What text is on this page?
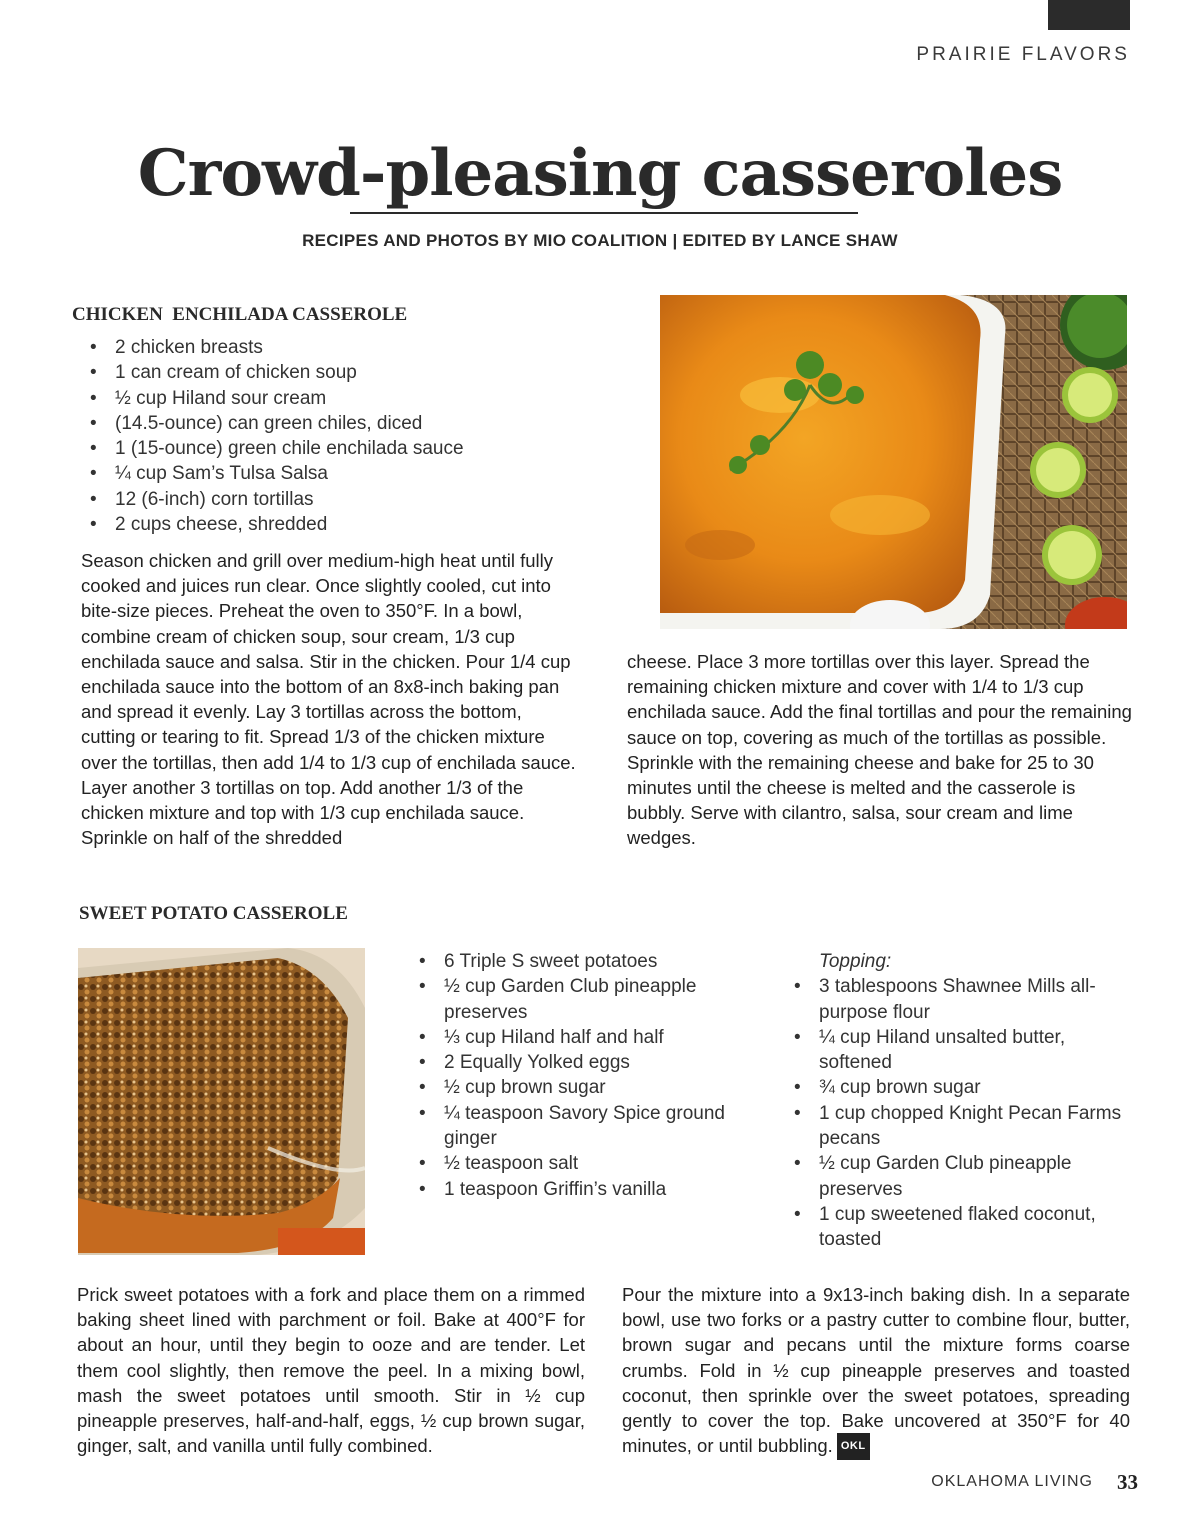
PRAIRIE FLAVORS
Crowd-pleasing casseroles
RECIPES AND PHOTOS BY MIO COALITION | EDITED BY LANCE SHAW
CHICKEN  ENCHILADA CASSEROLE
• 2 chicken breasts
• 1 can cream of chicken soup
• ½ cup Hiland sour cream
• (14.5-ounce) can green chiles, diced
• 1 (15-ounce) green chile enchilada sauce
• ¼ cup Sam’s Tulsa Salsa
• 12 (6-inch) corn tortillas
• 2 cups cheese, shredded

Season chicken and grill over medium-high heat until fully cooked and juices run clear. Once slightly cooled, cut into bite-size pieces. Preheat the oven to 350°F. In a bowl, combine cream of chicken soup, sour cream, 1/3 cup enchilada sauce and salsa. Stir in the chicken. Pour 1/4 cup enchilada sauce into the bottom of an 8x8-inch baking pan and spread it evenly. Lay 3 tortillas across the bottom, cutting or tearing to fit. Spread 1/3 of the chicken mixture over the tortillas, then add 1/4 to 1/3 cup of enchilada sauce. Layer another 3 tortillas on top. Add another 1/3 of the chicken mixture and top with 1/3 cup enchilada sauce. Sprinkle on half of the shredded

cheese. Place 3 more tortillas over this layer. Spread the remaining chicken mixture and cover with 1/4 to 1/3 cup enchilada sauce. Add the final tortillas and pour the remaining sauce on top, covering as much of the tortillas as possible. Sprinkle with the remaining cheese and bake for 25 to 30 minutes until the cheese is melted and the casserole is bubbly. Serve with cilantro, salsa, sour cream and lime wedges.

SWEET POTATO CASSEROLE
• 6 Triple S sweet potatoes
• ½ cup Garden Club pineapple preserves
• ⅓ cup Hiland half and half
• 2 Equally Yolked eggs
• ½ cup brown sugar
• ¼ teaspoon Savory Spice ground ginger
• ½ teaspoon salt
• 1 teaspoon Griffin’s vanilla
Topping:
• 3 tablespoons Shawnee Mills all-purpose flour
• ¼ cup Hiland unsalted butter, softened
• ¾ cup brown sugar
• 1 cup chopped Knight Pecan Farms pecans
• ½ cup Garden Club pineapple preserves
• 1 cup sweetened flaked coconut, toasted

Prick sweet potatoes with a fork and place them on a rimmed baking sheet lined with parchment or foil. Bake at 400°F for about an hour, until they begin to ooze and are tender. Let them cool slightly, then remove the peel. In a mixing bowl, mash the sweet potatoes until smooth. Stir in ½ cup pineapple preserves, half-and-half, eggs, ½ cup brown sugar, ginger, salt, and vanilla until fully combined.

Pour the mixture into a 9x13-inch baking dish. In a separate bowl, use two forks or a pastry cutter to combine flour, butter, brown sugar and pecans until the mixture forms coarse crumbs. Fold in ½ cup pineapple preserves and toasted coconut, then sprinkle over the sweet potatoes, spreading gently to cover the top. Bake uncovered at 350°F for 40 minutes, or until bubbling. OKL

OKLAHOMA LIVING 33
